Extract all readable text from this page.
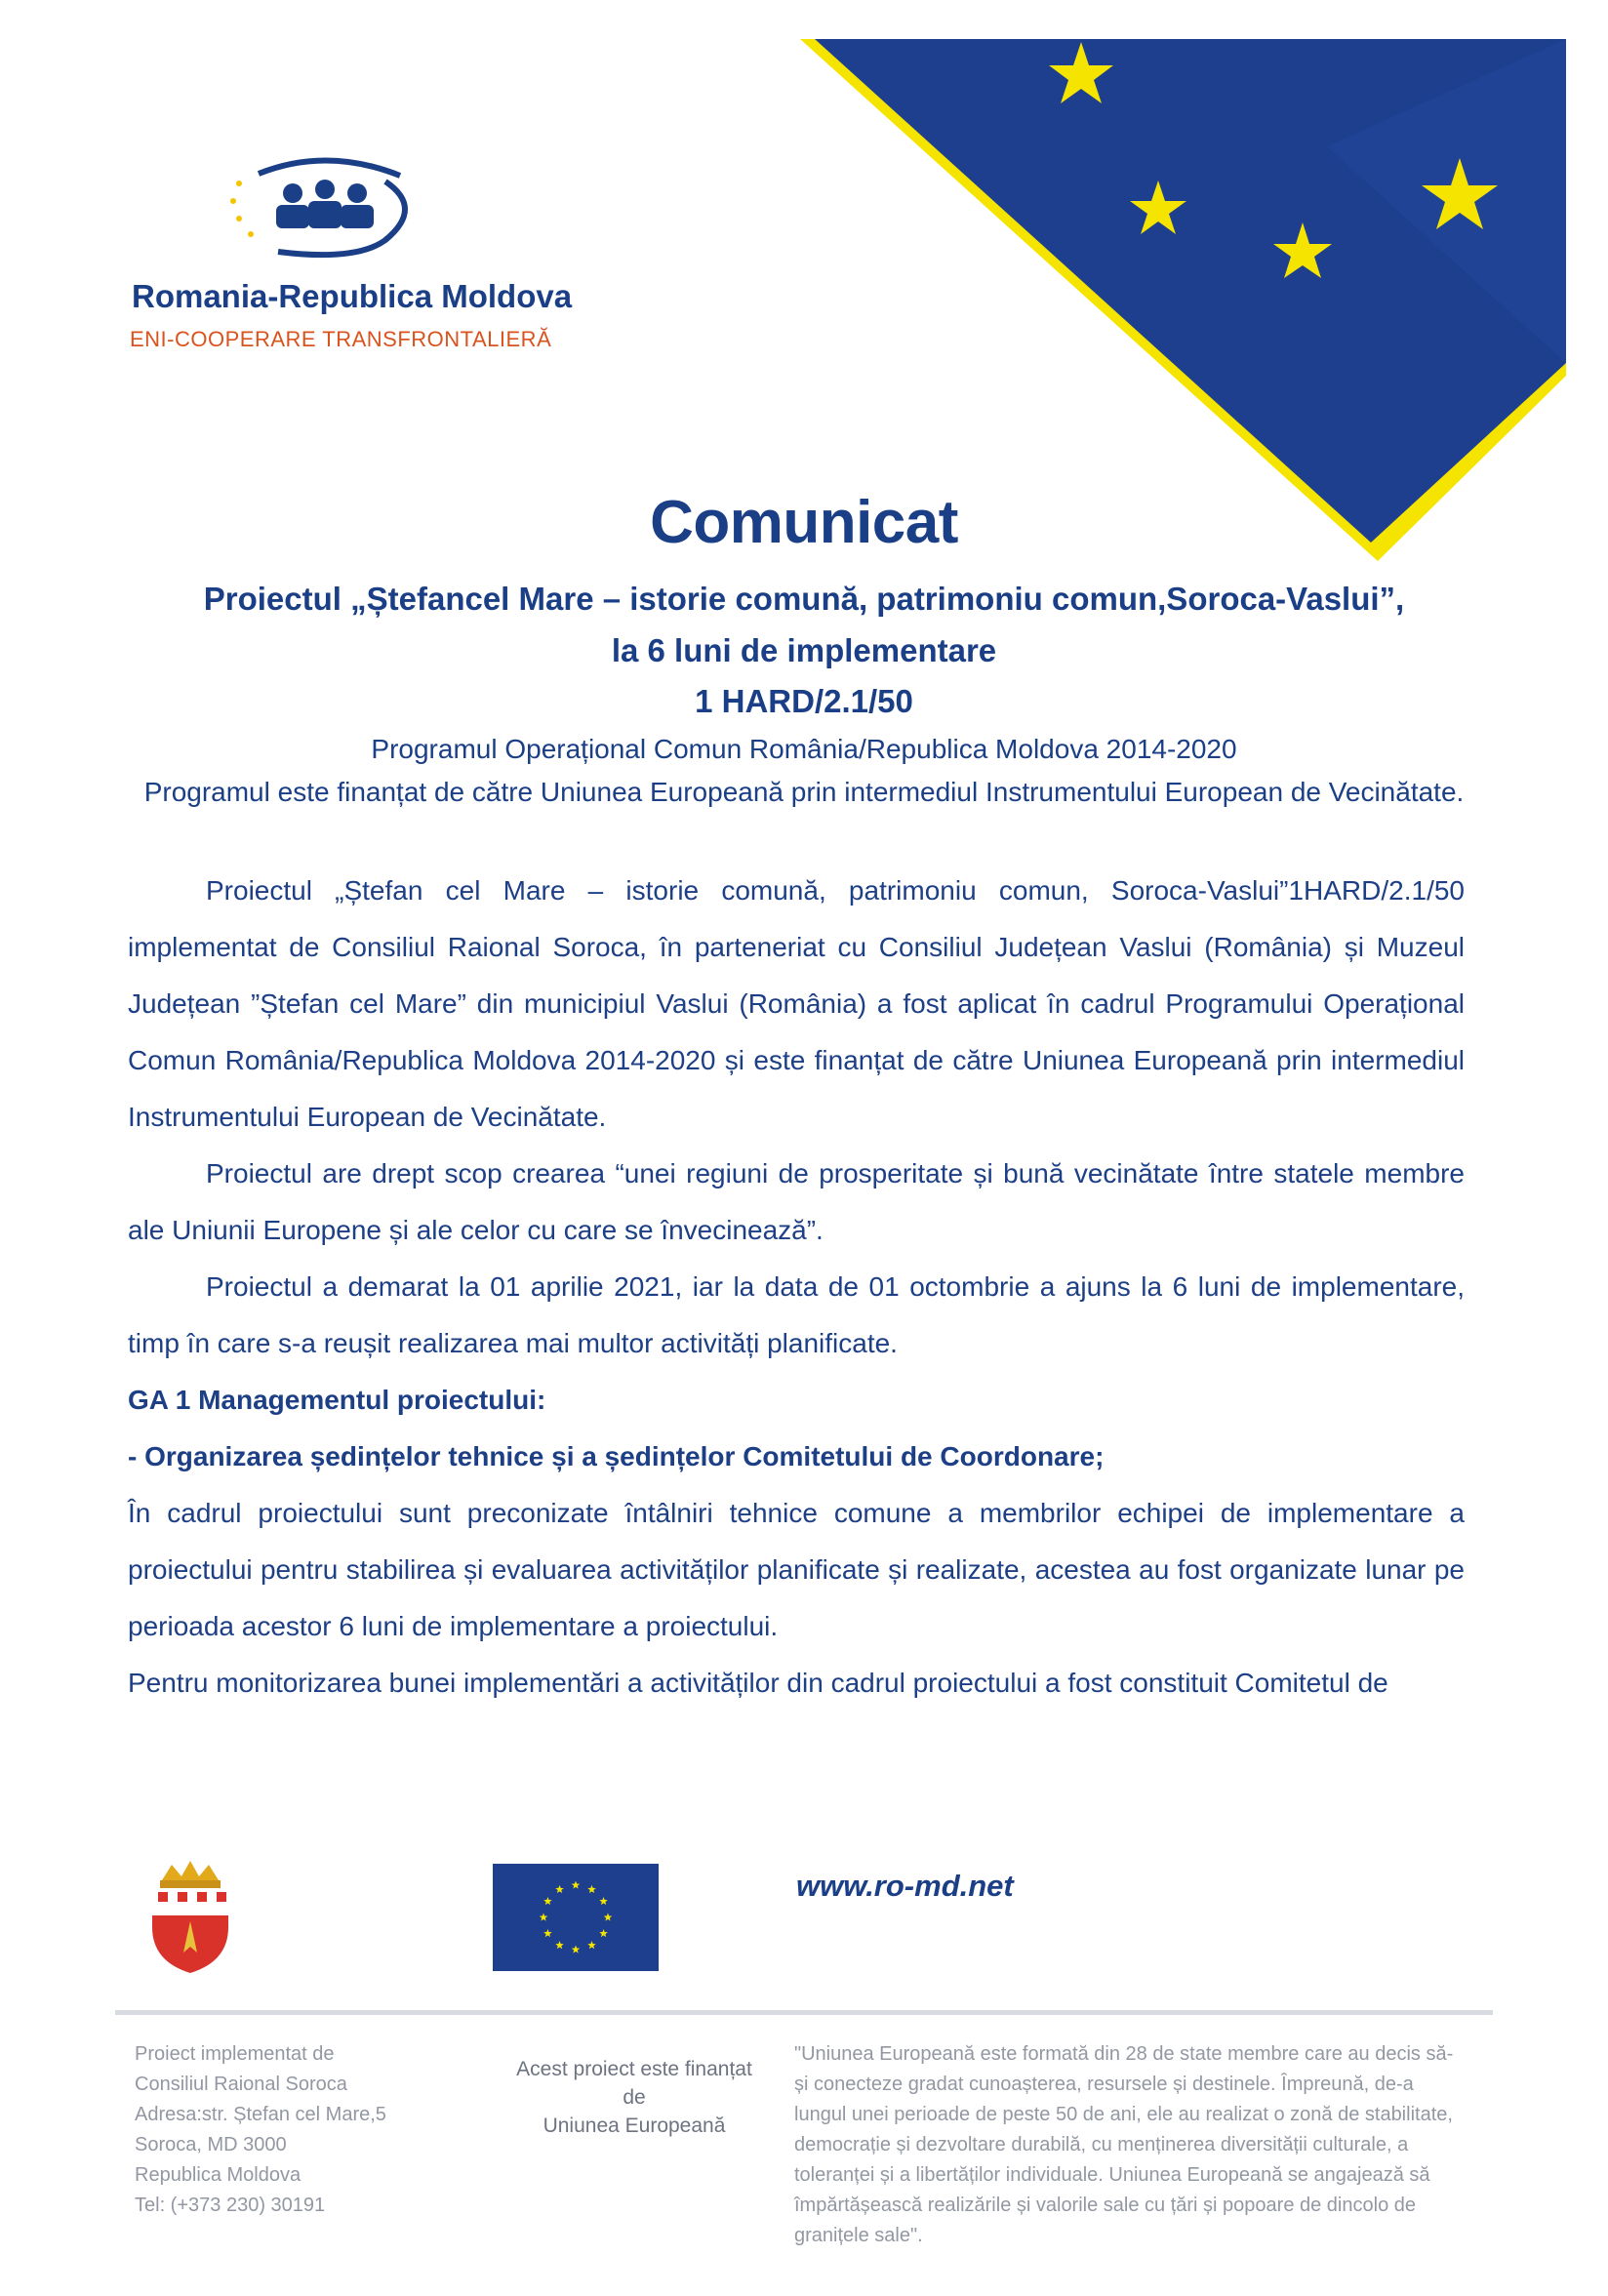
Romania-Republica Moldova
ENI-COOPERARE TRANSFRONTALIERĂ
Comunicat
Proiectul „Ștefancel Mare – istorie comună, patrimoniu comun,Soroca-Vaslui”,
la 6 luni de implementare
1 HARD/2.1/50
Programul Operațional Comun România/Republica Moldova 2014-2020
Programul este finanțat de către Uniunea Europeană prin intermediul Instrumentului European de Vecinătate.

Proiectul „Ștefan cel Mare – istorie comună, patrimoniu comun, Soroca-Vaslui”1HARD/2.1/50 implementat de Consiliul Raional Soroca, în parteneriat cu Consiliul Județean Vaslui (România) și Muzeul Județean ”Ștefan cel Mare” din municipiul Vaslui (România) a fost aplicat în cadrul Programului Operațional Comun România/Republica Moldova 2014-2020 și este finanțat de către Uniunea Europeană prin intermediul Instrumentului European de Vecinătate.

Proiectul are drept scop crearea “unei regiuni de prosperitate și bună vecinătate între statele membre ale Uniunii Europene și ale celor cu care se învecinează”.

Proiectul a demarat la 01 aprilie 2021, iar la data de 01 octombrie a ajuns la 6 luni de implementare, timp în care s-a reușit realizarea mai multor activități planificate.

GA 1 Managementul proiectului:

- Organizarea ședințelor tehnice și a ședințelor Comitetului de Coordonare;

În cadrul proiectului sunt preconizate întâlniri tehnice comune a membrilor echipei de implementare a proiectului pentru stabilirea și evaluarea activităților planificate și realizate, acestea au fost organizate lunar pe perioada acestor 6 luni de implementare a proiectului.

Pentru monitorizarea bunei implementări a activităților din cadrul proiectului a fost constituit Comitetul de

www.ro-md.net
Proiect implementat de
Consiliul Raional Soroca
Adresa:str. Ștefan cel Mare,5
Soroca, MD 3000
Republica Moldova
Tel: (+373 230) 30191
Acest proiect este finanțat
de
Uniunea Europeană
"Uniunea Europeană este formată din 28 de state membre care au decis să-
și conecteze gradat cunoașterea, resursele și destinele. Împreună, de-a
lungul unei perioade de peste 50 de ani, ele au realizat o zonă de stabilitate,
democrație și dezvoltare durabilă, cu menținerea diversității culturale, a
toleranței și a libertăților individuale. Uniunea Europeană se angajează să
împărtășească realizările și valorile sale cu țări și popoare de dincolo de
granițele sale".
